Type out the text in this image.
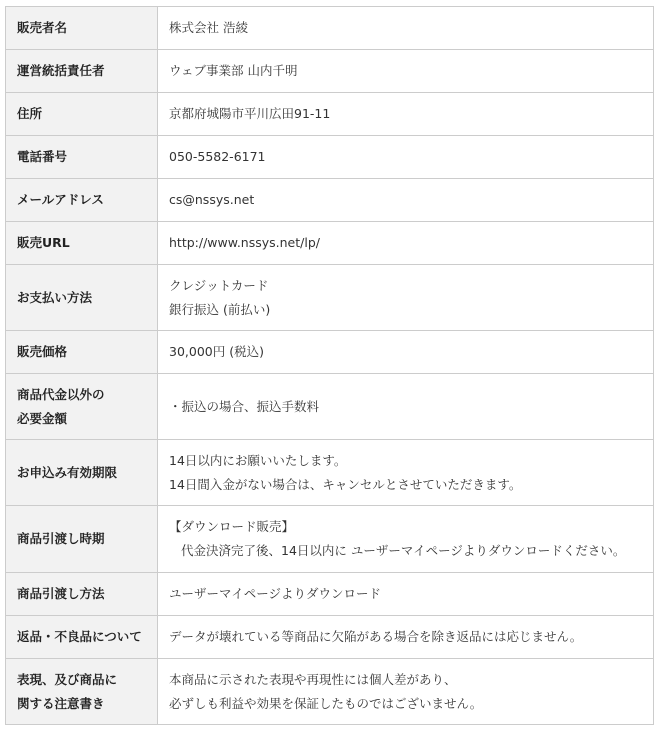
販売者名	株式会社 浩綾

運営統括責任者	ウェブ事業部 山内千明

住所	京都府城陽市平川広田91-11

電話番号	050-5582-6171

メールアドレス	cs@nssys.net

販売URL	http://www.nssys.net/lp/

お支払い方法	クレジットカード
銀行振込 (前払い)

販売価格	30,000円 (税込)

商品代金以外の
必要金額	・振込の場合、振込手数料

お申込み有効期限	14日以内にお願いいたします。
14日間入金がない場合は、キャンセルとさせていただきます。

商品引渡し時期	【ダウンロード販売】
代金決済完了後、14日以内に ユーザーマイページよりダウンロードください。

商品引渡し方法	ユーザーマイページよりダウンロード

返品・不良品について	データが壊れている等商品に欠陥がある場合を除き返品には応じません。

表現、及び商品に
関する注意書き	本商品に示された表現や再現性には個人差があり、
必ずしも利益や効果を保証したものではございません。
